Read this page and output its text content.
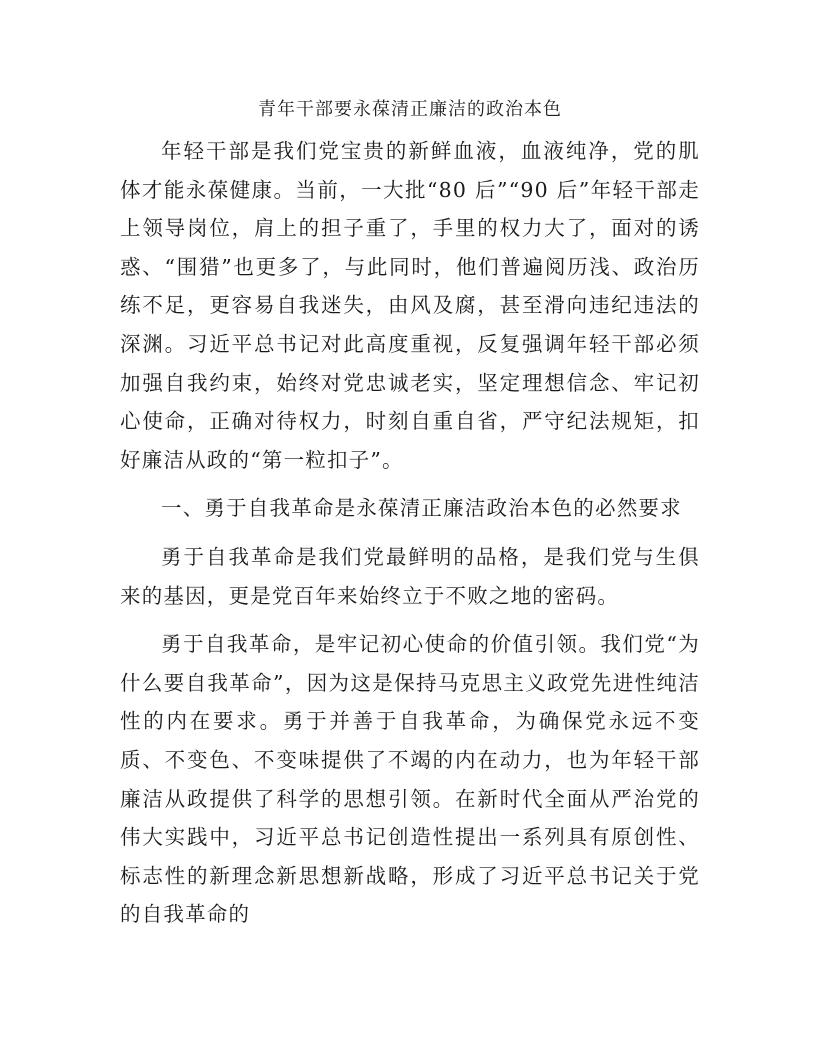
青年干部要永葆清正廉洁的政治本色

年轻干部是我们党宝贵的新鲜血液，血液纯净，党的肌体才能永葆健康。当前，一大批“80 后”“90 后”年轻干部走上领导岗位，肩上的担子重了，手里的权力大了，面对的诱惑、“围猎”也更多了，与此同时，他们普遍阅历浅、政治历练不足，更容易自我迷失，由风及腐，甚至滑向违纪违法的深渊。习近平总书记对此高度重视，反复强调年轻干部必须加强自我约束，始终对党忠诚老实，坚定理想信念、牢记初心使命，正确对待权力，时刻自重自省，严守纪法规矩，扣好廉洁从政的“第一粒扣子”。

一、勇于自我革命是永葆清正廉洁政治本色的必然要求

勇于自我革命是我们党最鲜明的品格，是我们党与生俱来的基因，更是党百年来始终立于不败之地的密码。

勇于自我革命，是牢记初心使命的价值引领。我们党“为什么要自我革命”，因为这是保持马克思主义政党先进性纯洁性的内在要求。勇于并善于自我革命，为确保党永远不变质、不变色、不变味提供了不竭的内在动力，也为年轻干部廉洁从政提供了科学的思想引领。在新时代全面从严治党的伟大实践中，习近平总书记创造性提出一系列具有原创性、标志性的新理念新思想新战略，形成了习近平总书记关于党的自我革命的
